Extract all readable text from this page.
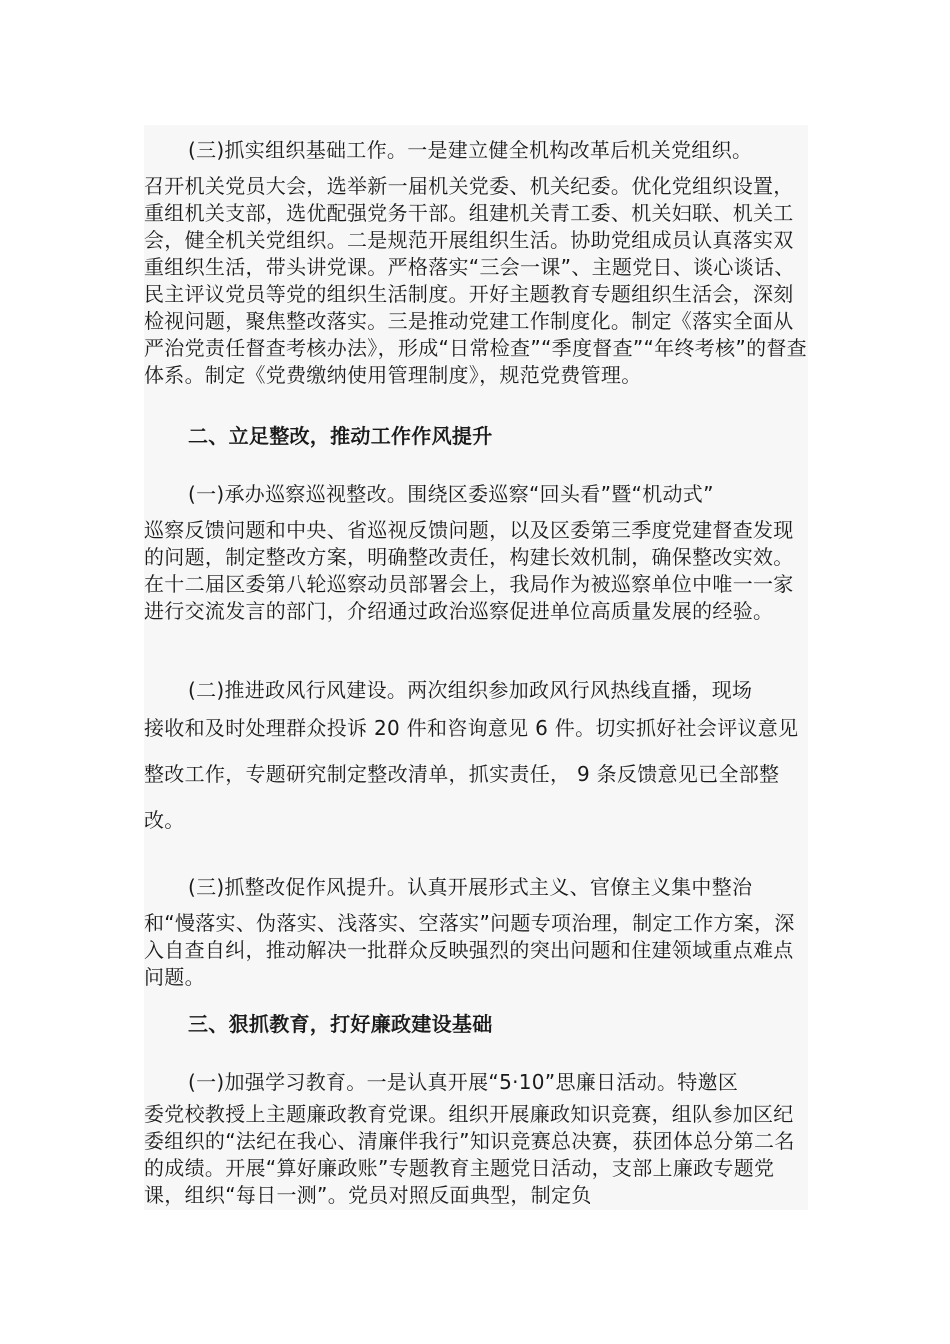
(三)抓实组织基础工作。一是建立健全机构改革后机关党组织。
召开机关党员大会，选举新一届机关党委、机关纪委。优化党组织设置，重组机关支部，选优配强党务干部。组建机关青工委、机关妇联、机关工会，健全机关党组织。二是规范开展组织生活。协助党组成员认真落实双重组织生活，带头讲党课。严格落实“三会一课”、主题党日、谈心谈话、民主评议党员等党的组织生活制度。开好主题教育专题组织生活会，深刻检视问题，聚焦整改落实。三是推动党建工作制度化。制定《落实全面从严治党责任督查考核办法》，形成“日常检查”“季度督查”“年终考核”的督查体系。制定《党费缴纳使用管理制度》，规范党费管理。
二、立足整改，推动工作作风提升
(一)承办巡察巡视整改。围绕区委巡察“回头看”暨“机动式”
巡察反馈问题和中央、省巡视反馈问题，以及区委第三季度党建督查发现的问题，制定整改方案，明确整改责任，构建长效机制，确保整改实效。在十二届区委第八轮巡察动员部署会上，我局作为被巡察单位中唯一一家进行交流发言的部门，介绍通过政治巡察促进单位高质量发展的经验。
(二)推进政风行风建设。两次组织参加政风行风热线直播，现场
接收和及时处理群众投诉 20 件和咨询意见 6 件。切实抓好社会评议意见整改工作，专题研究制定整改清单，抓实责任， 9 条反馈意见已全部整改。
(三)抓整改促作风提升。认真开展形式主义、官僚主义集中整治
和“慢落实、伪落实、浅落实、空落实”问题专项治理，制定工作方案，深入自查自纠，推动解决一批群众反映强烈的突出问题和住建领域重点难点问题。
三、狠抓教育，打好廉政建设基础
(一)加强学习教育。一是认真开展“5·10”思廉日活动。特邀区
委党校教授上主题廉政教育党课。组织开展廉政知识竞赛，组队参加区纪委组织的“法纪在我心、清廉伴我行”知识竞赛总决赛，获团体总分第二名的成绩。开展“算好廉政账”专题教育主题党日活动，支部上廉政专题党课，组织“每日一测”。党员对照反面典型，制定负
